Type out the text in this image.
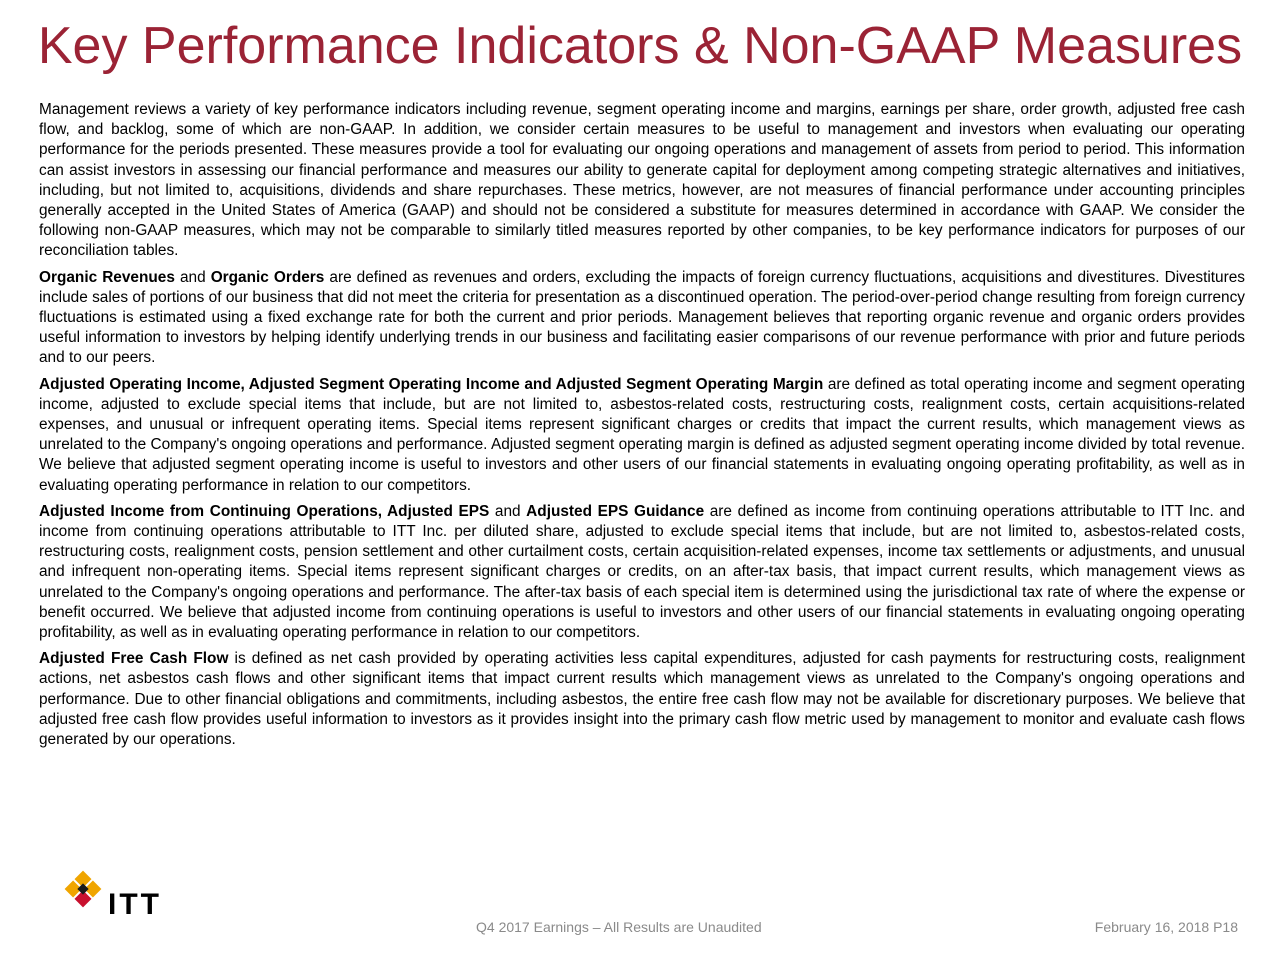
Key Performance Indicators & Non-GAAP Measures

Management reviews a variety of key performance indicators including revenue, segment operating income and margins, earnings per share, order growth, adjusted free cash flow, and backlog, some of which are non-GAAP. In addition, we consider certain measures to be useful to management and investors when evaluating our operating performance for the periods presented. These measures provide a tool for evaluating our ongoing operations and management of assets from period to period. This information can assist investors in assessing our financial performance and measures our ability to generate capital for deployment among competing strategic alternatives and initiatives, including, but not limited to, acquisitions, dividends and share repurchases. These metrics, however, are not measures of financial performance under accounting principles generally accepted in the United States of America (GAAP) and should not be considered a substitute for measures determined in accordance with GAAP. We consider the following non-GAAP measures, which may not be comparable to similarly titled measures reported by other companies, to be key performance indicators for purposes of our reconciliation tables.

Organic Revenues and Organic Orders are defined as revenues and orders, excluding the impacts of foreign currency fluctuations, acquisitions and divestitures. Divestitures include sales of portions of our business that did not meet the criteria for presentation as a discontinued operation. The period-over-period change resulting from foreign currency fluctuations is estimated using a fixed exchange rate for both the current and prior periods. Management believes that reporting organic revenue and organic orders provides useful information to investors by helping identify underlying trends in our business and facilitating easier comparisons of our revenue performance with prior and future periods and to our peers.

Adjusted Operating Income, Adjusted Segment Operating Income and Adjusted Segment Operating Margin are defined as total operating income and segment operating income, adjusted to exclude special items that include, but are not limited to, asbestos-related costs, restructuring costs, realignment costs, certain acquisitions-related expenses, and unusual or infrequent operating items. Special items represent significant charges or credits that impact the current results, which management views as unrelated to the Company's ongoing operations and performance. Adjusted segment operating margin is defined as adjusted segment operating income divided by total revenue. We believe that adjusted segment operating income is useful to investors and other users of our financial statements in evaluating ongoing operating profitability, as well as in evaluating operating performance in relation to our competitors.

Adjusted Income from Continuing Operations, Adjusted EPS and Adjusted EPS Guidance are defined as income from continuing operations attributable to ITT Inc. and income from continuing operations attributable to ITT Inc. per diluted share, adjusted to exclude special items that include, but are not limited to, asbestos-related costs, restructuring costs, realignment costs, pension settlement and other curtailment costs, certain acquisition-related expenses, income tax settlements or adjustments, and unusual and infrequent non-operating items. Special items represent significant charges or credits, on an after-tax basis, that impact current results, which management views as unrelated to the Company's ongoing operations and performance. The after-tax basis of each special item is determined using the jurisdictional tax rate of where the expense or benefit occurred. We believe that adjusted income from continuing operations is useful to investors and other users of our financial statements in evaluating ongoing operating profitability, as well as in evaluating operating performance in relation to our competitors.

Adjusted Free Cash Flow is defined as net cash provided by operating activities less capital expenditures, adjusted for cash payments for restructuring costs, realignment actions, net asbestos cash flows and other significant items that impact current results which management views as unrelated to the Company's ongoing operations and performance. Due to other financial obligations and commitments, including asbestos, the entire free cash flow may not be available for discretionary purposes. We believe that adjusted free cash flow provides useful information to investors as it provides insight into the primary cash flow metric used by management to monitor and evaluate cash flows generated by our operations.

ITT
Q4 2017 Earnings – All Results are Unaudited	February 16, 2018 P18
